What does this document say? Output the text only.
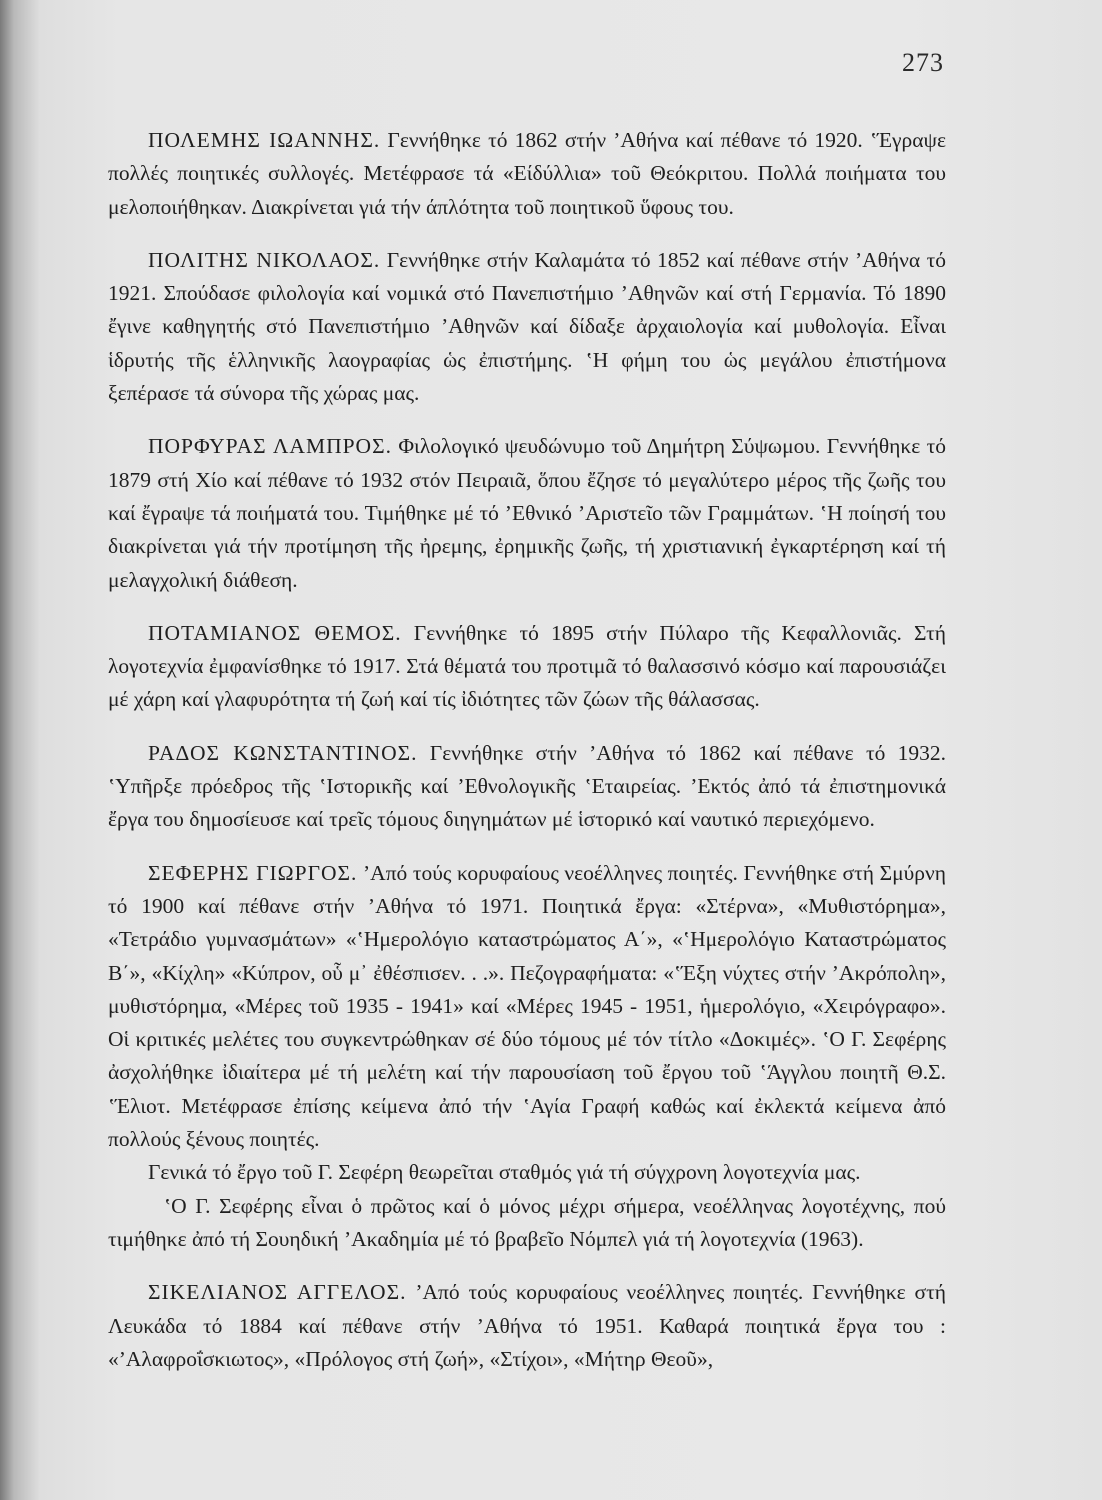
273

ΠΟΛΕΜΗΣ ΙΩΑΝΝΗΣ. Γεννήθηκε τό 1862 στήν ’Αθήνα καί πέθανε τό 1920. ‛Έγραψε πολλές ποιητικές συλλογές. Μετέφρασε τά «Είδύλλια» τοῦ Θεόκριτου. Πολλά ποιήματα του μελοποιήθηκαν. Διακρίνεται γιά τήν άπλότητα τοῦ ποιητικοῦ ὕφους του.

ΠΟΛΙΤΗΣ ΝΙΚΟΛΑΟΣ. Γεννήθηκε στήν Καλαμάτα τό 1852 καί πέθανε στήν ’Αθήνα τό 1921. Σπούδασε φιλολογία καί νομικά στό Πανεπιστήμιο ’Αθηνῶν καί στή Γερμανία. Τό 1890 ἔγινε καθηγητής στό Πανεπιστήμιο ’Αθηνῶν καί δίδαξε ἀρχαιολογία καί μυθολογία. Εἶναι ἱδρυτής τῆς ἑλληνικῆς λαογραφίας ὡς ἐπιστήμης. ‛Η φήμη του ὡς μεγάλου ἐπιστήμονα ξεπέρασε τά σύνορα τῆς χώρας μας.

ΠΟΡΦΥΡΑΣ ΛΑΜΠΡΟΣ. Φιλολογικό ψευδώνυμο τοῦ Δημήτρη Σύψωμου. Γεννήθηκε τό 1879 στή Χίο καί πέθανε τό 1932 στόν Πειραιᾶ, ὅπου ἔζησε τό μεγαλύτερο μέρος τῆς ζωῆς του καί ἔγραψε τά ποιήματά του. Τιμήθηκε μέ τό ’Εθνικό ’Αριστεῖο τῶν Γραμμάτων. ‛Η ποίησή του διακρίνεται γιά τήν προτίμηση τῆς ἠρεμης, ἐρημικῆς ζωῆς, τή χριστιανική ἐγκαρτέρηση καί τή μελαγχολική διάθεση.

ΠΟΤΑΜΙΑΝΟΣ ΘΕΜΟΣ. Γεννήθηκε τό 1895 στήν Πύλαρο τῆς Κεφαλλονιᾶς. Στή λογοτεχνία ἐμφανίσθηκε τό 1917. Στά θέματά του προτιμᾶ τό θαλασσινό κόσμο καί παρουσιάζει μέ χάρη καί γλαφυρότητα τή ζωή καί τίς ἰδιότητες τῶν ζώων τῆς θάλασσας.

ΡΑΔΟΣ ΚΩΝΣΤΑΝΤΙΝΟΣ. Γεννήθηκε στήν ’Αθήνα τό 1862 καί πέθανε τό 1932. ‛Υπῆρξε πρόεδρος τῆς ‛Ιστορικῆς καί ’Εθνολογικῆς ‛Εταιρείας. ’Εκτός ἀπό τά ἐπιστημονικά ἔργα του δημοσίευσε καί τρεῖς τόμους διηγημάτων μέ ἱστορικό καί ναυτικό περιεχόμενο.

ΣΕΦΕΡΗΣ ΓΙΩΡΓΟΣ. ’Από τούς κορυφαίους νεοέλληνες ποιητές. Γεννήθηκε στή Σμύρνη τό 1900 καί πέθανε στήν ’Αθήνα τό 1971. Ποιητικά ἔργα: «Στέρνα», «Μυθιστόρημα», «Τετράδιο γυμνασμάτων» «‛Ημερολόγιο καταστρώματος Α΄», «‛Ημερολόγιο Καταστρώματος Β΄», «Κίχλη» «Κύπρον, οὗ μ᾽ ἐθέσπισεν. . .». Πεζογραφήματα: «‛Έξη νύχτες στήν ’Ακρόπολη», μυθιστόρημα, «Μέρες τοῦ 1935 - 1941» καί «Μέρες 1945 - 1951, ἡμερολόγιο, «Χειρόγραφο». Οἱ κριτικές μελέτες του συγκεντρώθηκαν σέ δύο τόμους μέ τόν τίτλο «Δοκιμές». ‛Ο Γ. Σεφέρης ἀσχολήθηκε ἰδιαίτερα μέ τή μελέτη καί τήν παρουσίαση τοῦ ἔργου τοῦ ‛Άγγλου ποιητῆ Θ.Σ. ‛Έλιοτ. Μετέφρασε ἐπίσης κείμενα ἀπό τήν ‛Αγία Γραφή καθώς καί ἐκλεκτά κείμενα ἀπό πολλούς ξένους ποιητές.

Γενικά τό ἔργο τοῦ Γ. Σεφέρη θεωρεῖται σταθμός γιά τή σύγχρονη λογοτεχνία μας.

‛Ο Γ. Σεφέρης εἶναι ὁ πρῶτος καί ὁ μόνος μέχρι σήμερα, νεοέλληνας λογοτέχνης, πού τιμήθηκε ἀπό τή Σουηδική ’Ακαδημία μέ τό βραβεῖο Νόμπελ γιά τή λογοτεχνία (1963).

ΣΙΚΕΛΙΑΝΟΣ ΑΓΓΕΛΟΣ. ’Από τούς κορυφαίους νεοέλληνες ποιητές. Γεννήθηκε στή Λευκάδα τό 1884 καί πέθανε στήν ’Αθήνα τό 1951. Καθαρά ποιητικά ἔργα του : «’Αλαφροΐσκιωτος», «Πρόλογος στή ζωή», «Στίχοι», «Μήτηρ Θεοῦ»,
